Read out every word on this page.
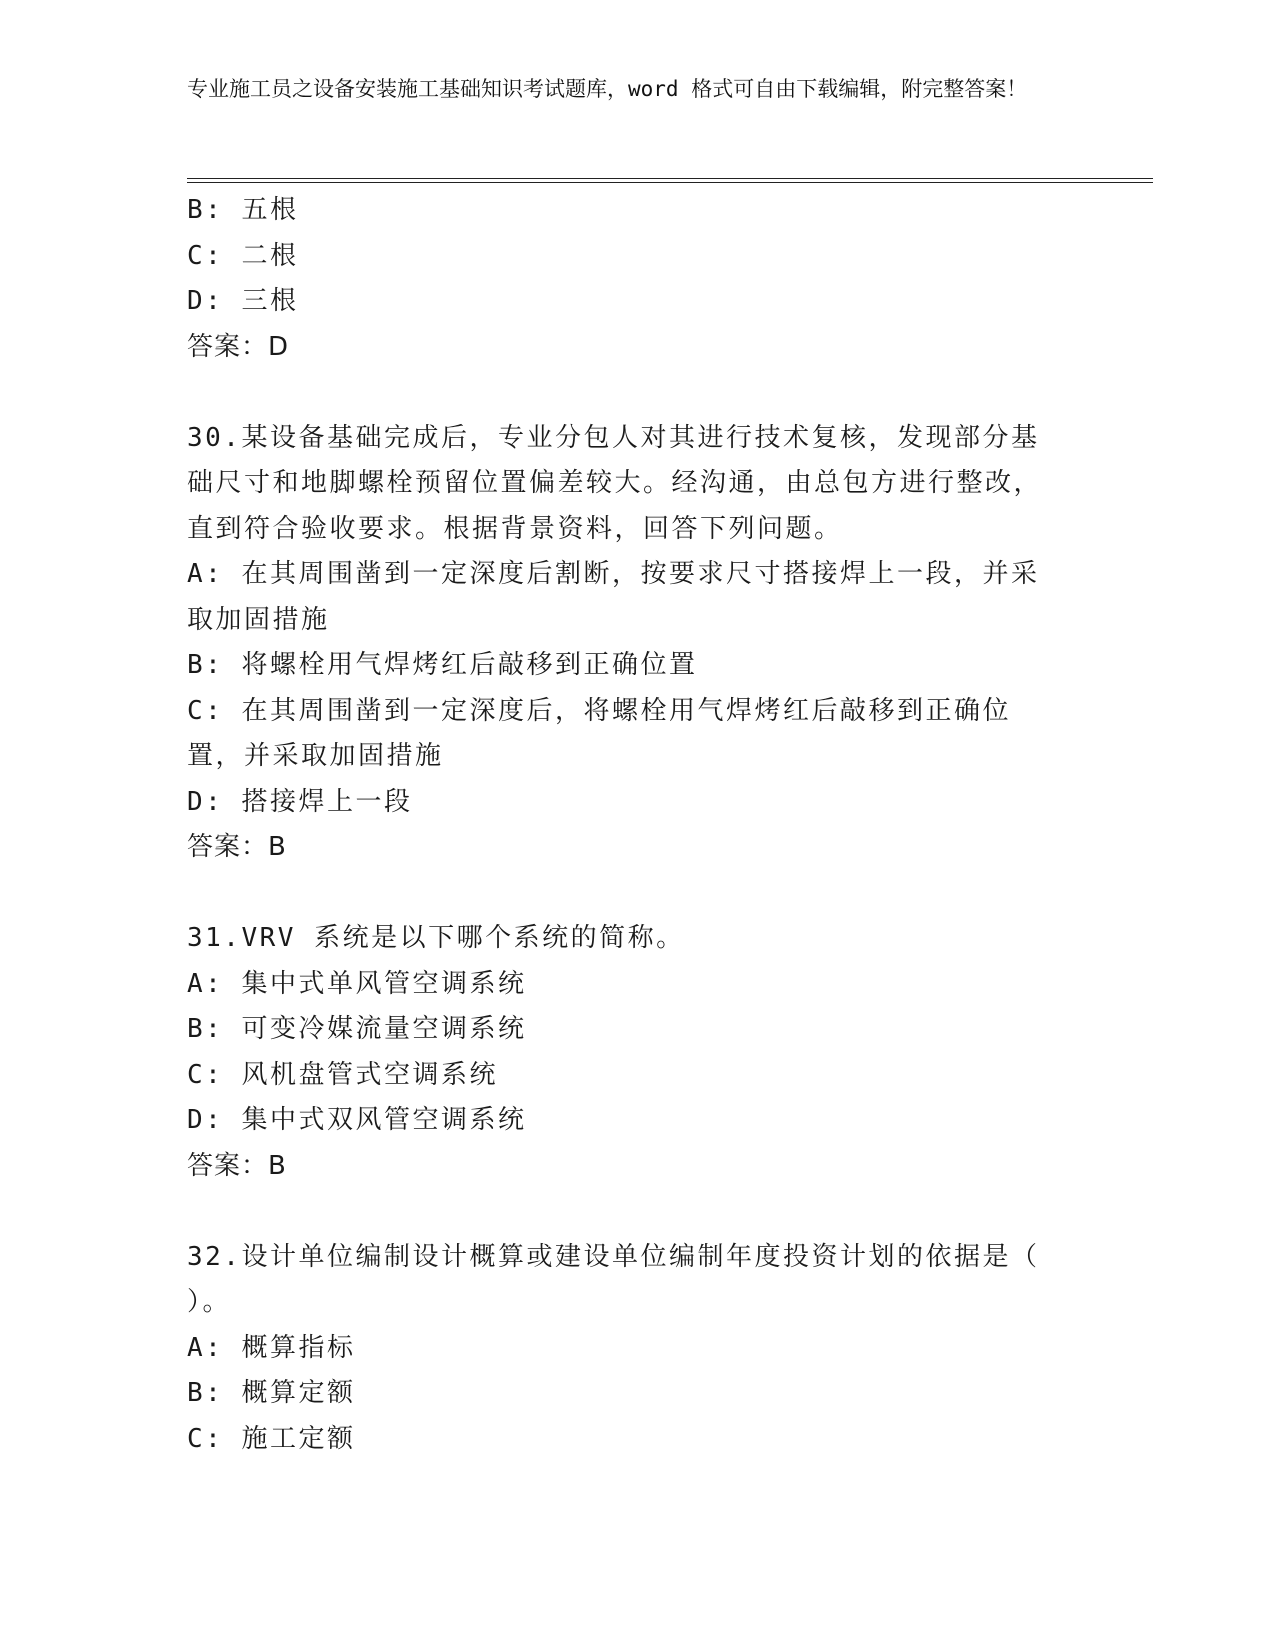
专业施工员之设备安装施工基础知识考试题库，word 格式可自由下载编辑，附完整答案！
B: 五根
C: 二根
D: 三根
答案：D
30.某设备基础完成后，专业分包人对其进行技术复核，发现部分基础尺寸和地脚螺栓预留位置偏差较大。经沟通，由总包方进行整改，直到符合验收要求。根据背景资料，回答下列问题。
A: 在其周围凿到一定深度后割断，按要求尺寸搭接焊上一段，并采取加固措施
B: 将螺栓用气焊烤红后敲移到正确位置
C: 在其周围凿到一定深度后，将螺栓用气焊烤红后敲移到正确位置，并采取加固措施
D: 搭接焊上一段
答案：B
31.VRV 系统是以下哪个系统的简称。
A: 集中式单风管空调系统
B: 可变冷媒流量空调系统
C: 风机盘管式空调系统
D: 集中式双风管空调系统
答案：B
32.设计单位编制设计概算或建设单位编制年度投资计划的依据是（ ）。
A: 概算指标
B: 概算定额
C: 施工定额
